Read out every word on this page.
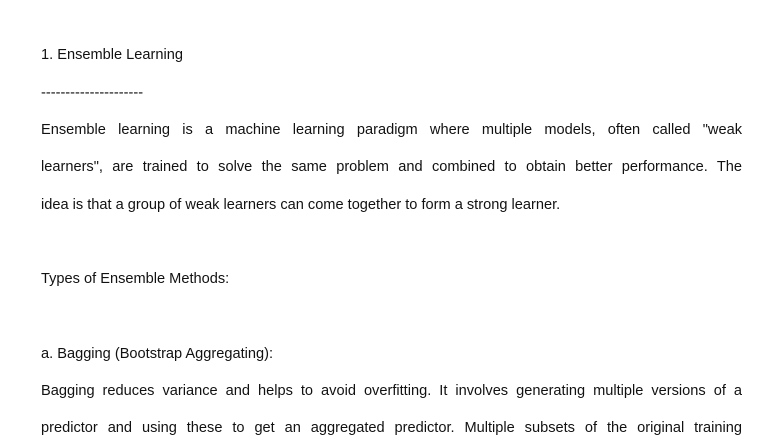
1. Ensemble Learning

---------------------

Ensemble learning is a machine learning paradigm where multiple models, often called "weak

learners", are trained to solve the same problem and combined to obtain better performance. The

idea is that a group of weak learners can come together to form a strong learner.

Types of Ensemble Methods:

a. Bagging (Bootstrap Aggregating):

Bagging reduces variance and helps to avoid overfitting. It involves generating multiple versions of a

predictor and using these to get an aggregated predictor. Multiple subsets of the original training
